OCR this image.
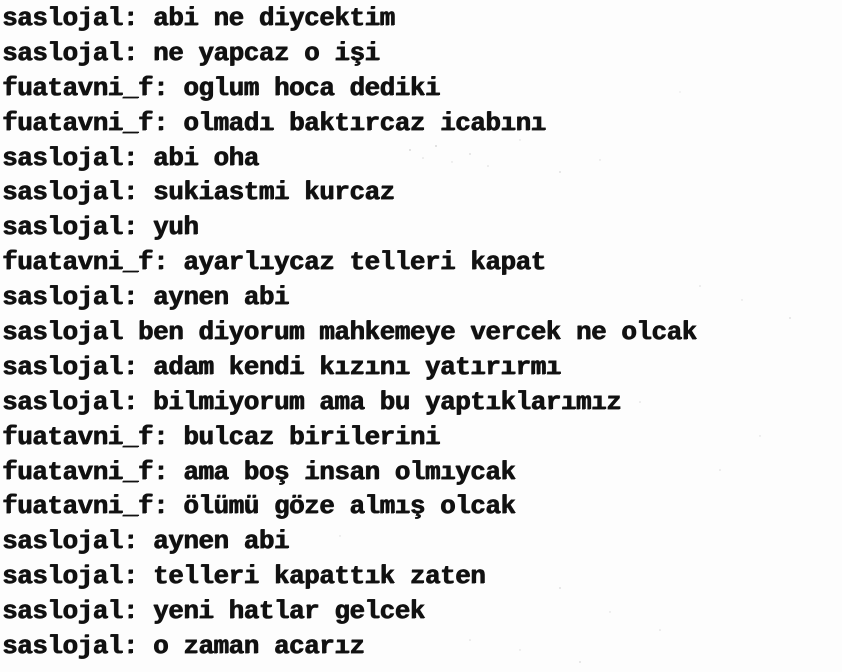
saslojal: abi ne diycektim
saslojal: ne yapcaz o işi
fuatavni_f: oglum hoca dediki
fuatavni_f: olmadı baktırcaz icabını
saslojal: abi oha
saslojal: sukiastmi kurcaz
saslojal: yuh
fuatavni_f: ayarlıycaz telleri kapat
saslojal: aynen abi
saslojal ben diyorum mahkemeye vercek ne olcak
saslojal: adam kendi kızını yatırırmı
saslojal: bilmiyorum ama bu yaptıklarımız
fuatavni_f: bulcaz birilerini
fuatavni_f: ama boş insan olmıycak
fuatavni_f: ölümü göze almış olcak
saslojal: aynen abi
saslojal: telleri kapattık zaten
saslojal: yeni hatlar gelcek
saslojal: o zaman acarız
